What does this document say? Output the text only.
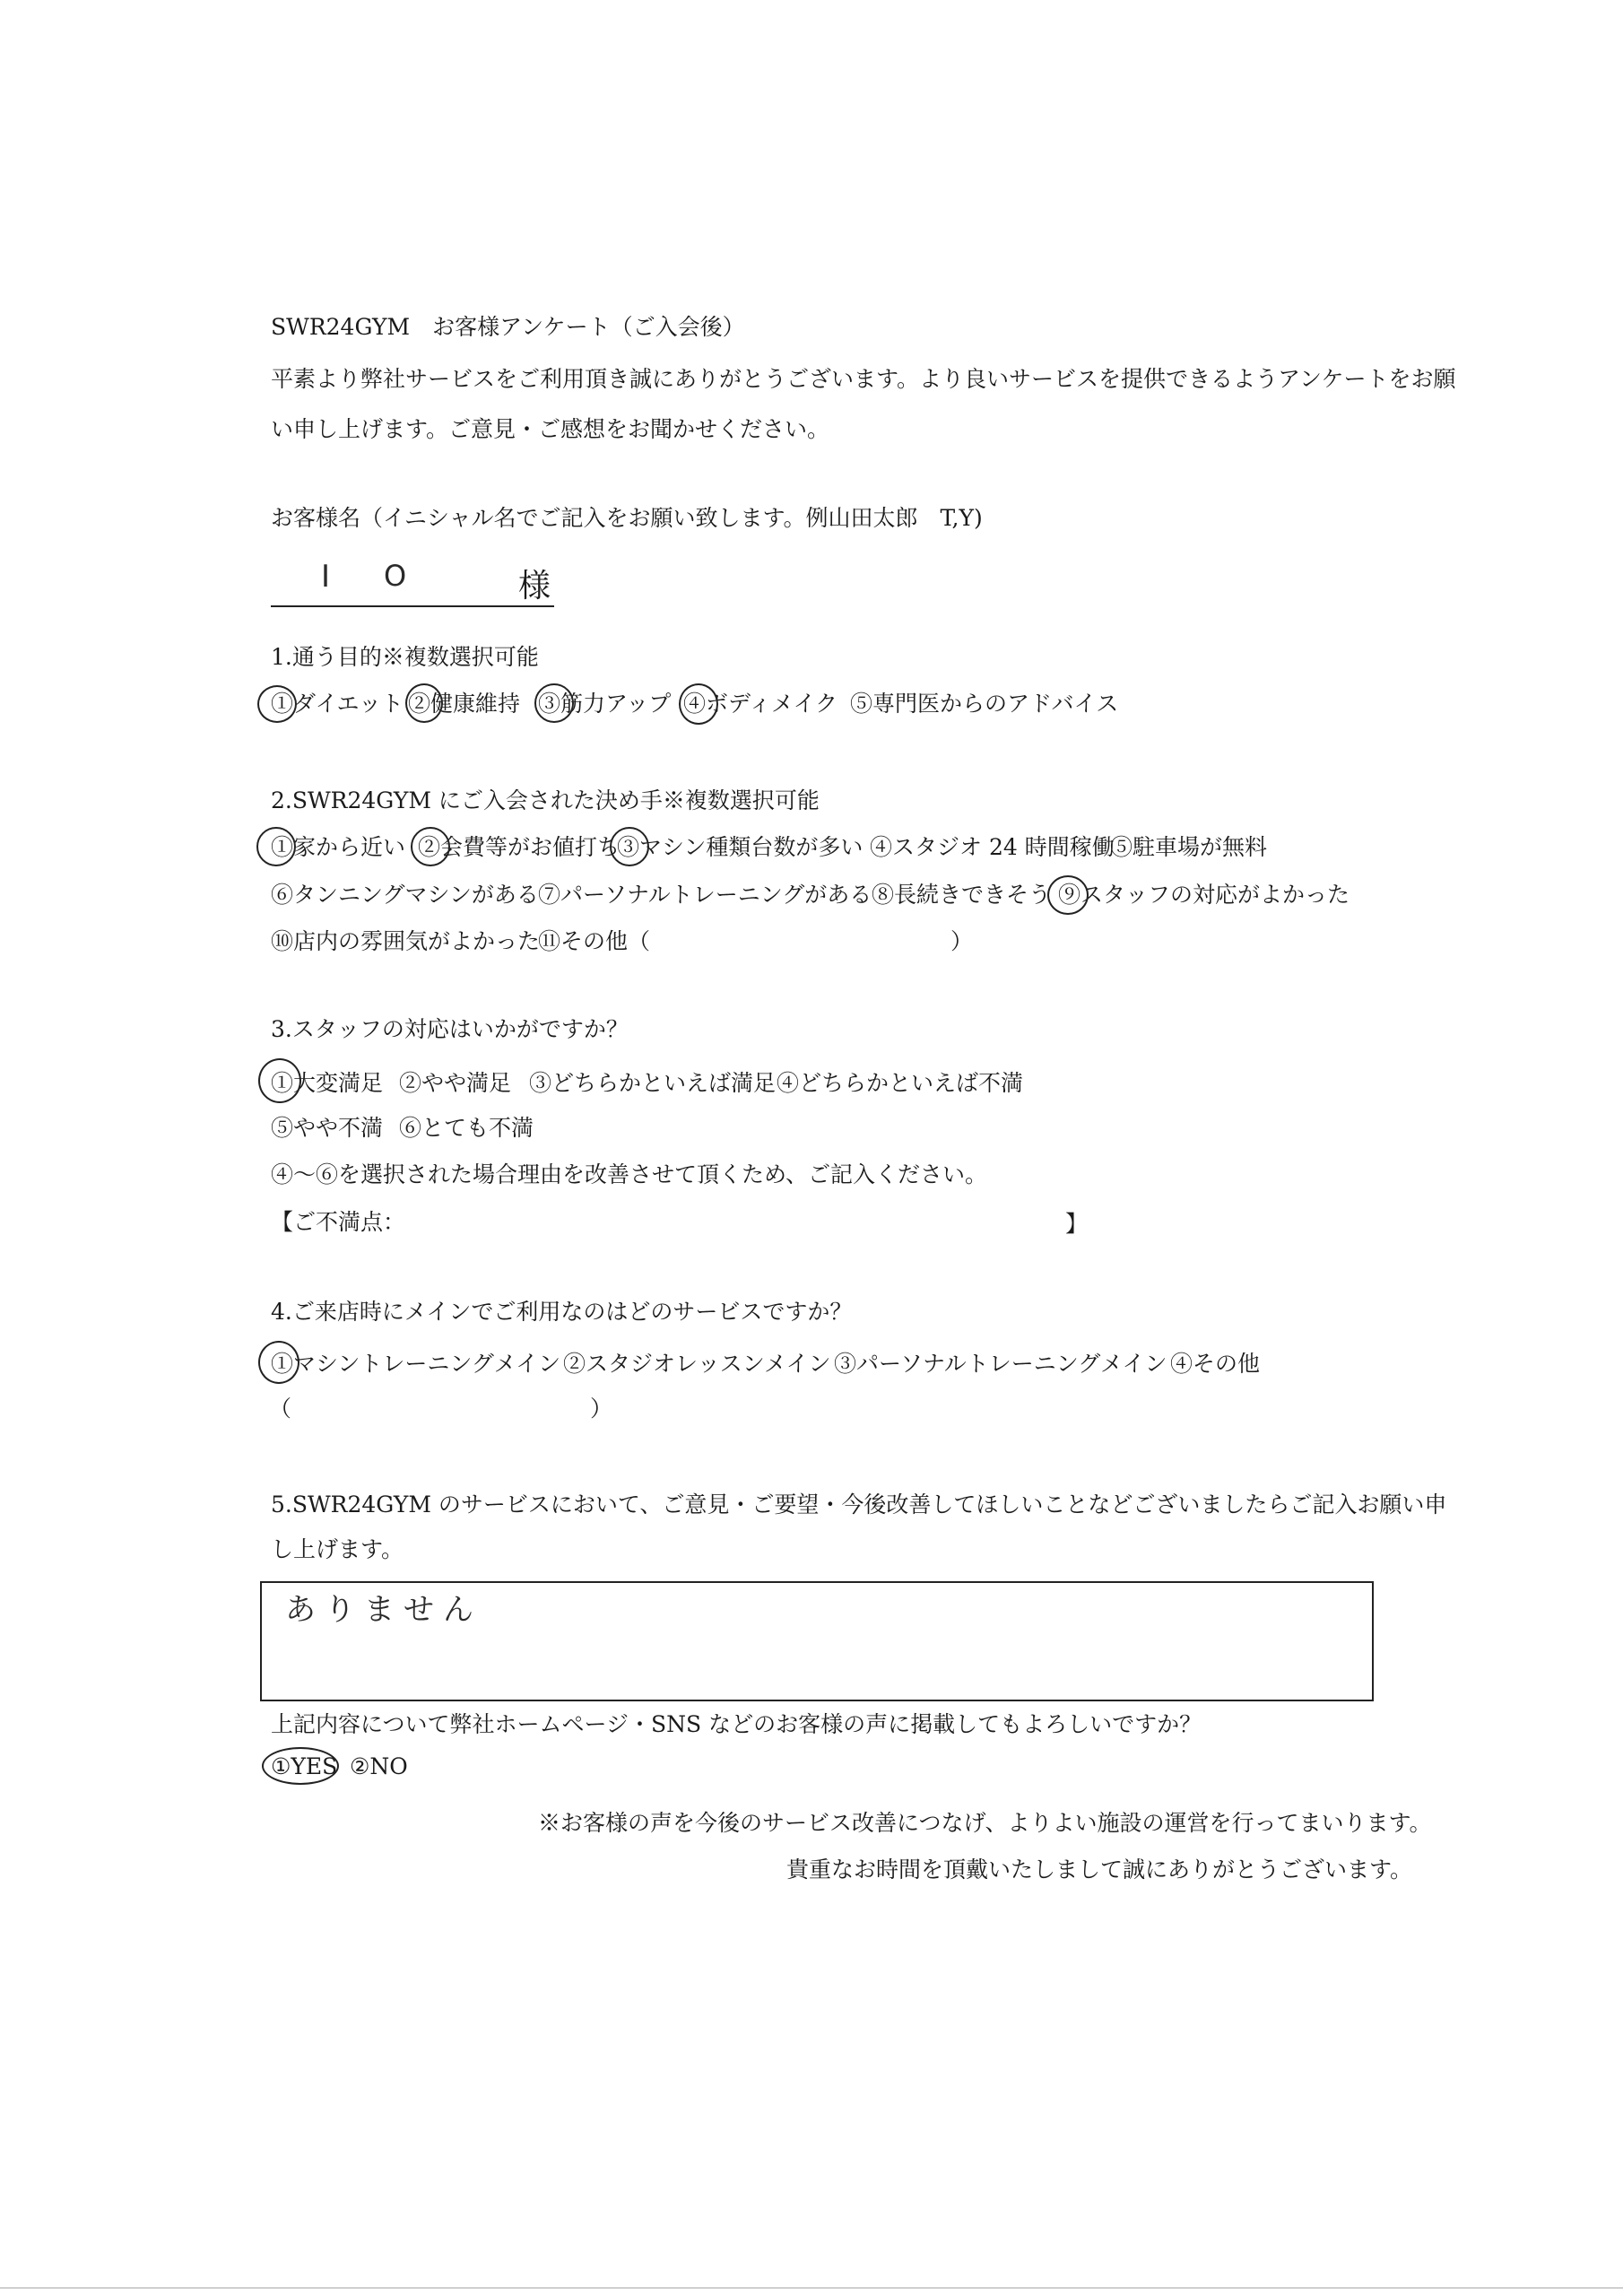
SWR24GYM　お客様アンケート（ご入会後）
平素より弊社サービスをご利用頂き誠にありがとうございます。より良いサービスを提供できるようアンケートをお願
い申し上げます。ご意見・ご感想をお聞かせください。
お客様名（イニシャル名でご記入をお願い致します。例山田太郎　T,Y)
I O	様
1.通う目的※複数選択可能
①ダイエット ②健康維持 ③筋力アップ ④ボディメイク ⑤専門医からのアドバイス
2.SWR24GYM にご入会された決め手※複数選択可能
①家から近い ②会費等がお値打ち
③マシン種類台数が多い ④スタジオ 24 時間稼働
⑤駐車場が無料
⑥タンニングマシンがある ⑦パーソナルトレーニングがある ⑧長続きできそう ⑨スタッフの対応がよかった
⑩店内の雰囲気がよかった
⑪その他（	）
3.スタッフの対応はいかがですか？
①大変満足 ②やや満足 ③どちらかといえば満足 ④どちらかといえば不満
⑤やや不満 ⑥とても不満
④〜⑥を選択された場合理由を改善させて頂くため、ご記入ください。
【ご不満点：	】
4.ご来店時にメインでご利用なのはどのサービスですか？
①マシントレーニングメイン ②スタジオレッスンメイン ③パーソナルトレーニングメイン ④その他
（	）
5.SWR24GYM のサービスにおいて、ご意見・ご要望・今後改善してほしいことなどございましたらご記入お願い申
し上げます。
ありません
上記内容について弊社ホームページ・SNS などのお客様の声に掲載してもよろしいですか？
①YES ②NO
※お客様の声を今後のサービス改善につなげ、よりよい施設の運営を行ってまいります。
貴重なお時間を頂戴いたしまして誠にありがとうございます。
